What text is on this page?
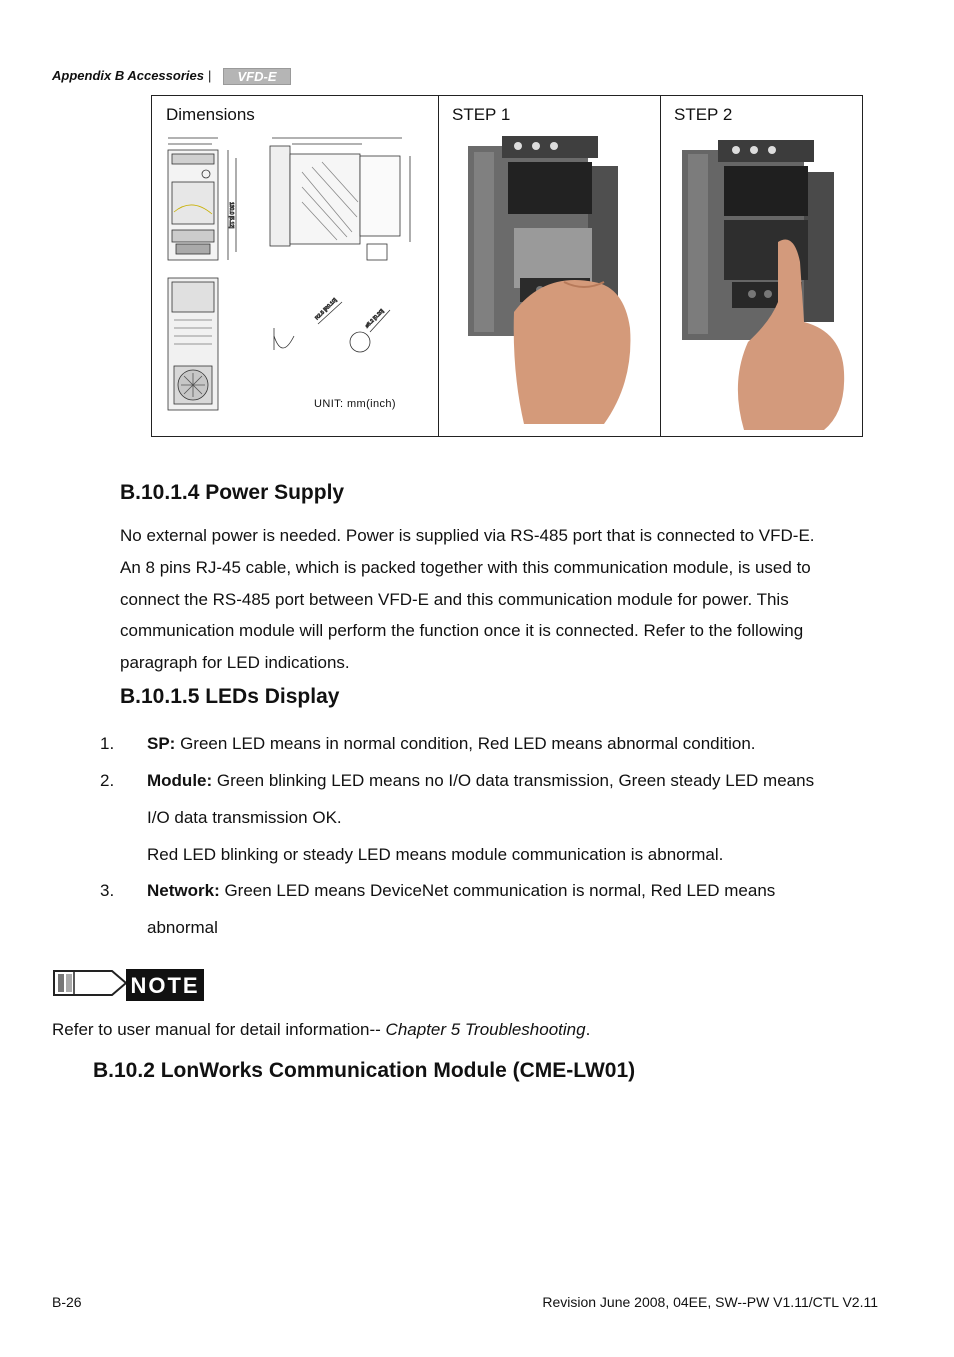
Appendix B Accessories | VFD-E
Dimensions
130.0 [5.12]
R2.5 [R0.10]	ø5.2 [0.20]
UNIT: mm(inch)
STEP 1	STEP 2
B.10.1.4 Power Supply
No external power is needed. Power is supplied via RS-485 port that is connected to VFD-E.
An 8 pins RJ-45 cable, which is packed together with this communication module, is used to
connect the RS-485 port between VFD-E and this communication module for power. This
communication module will perform the function once it is connected. Refer to the following
paragraph for LED indications.
B.10.1.5 LEDs Display
1. SP: Green LED means in normal condition, Red LED means abnormal condition.
2. Module: Green blinking LED means no I/O data transmission, Green steady LED means
I/O data transmission OK.
Red LED blinking or steady LED means module communication is abnormal.
3. Network: Green LED means DeviceNet communication is normal, Red LED means
abnormal
NOTE
Refer to user manual for detail information-- Chapter 5 Troubleshooting.
B.10.2 LonWorks Communication Module (CME-LW01)
B-26	Revision June 2008, 04EE, SW--PW V1.11/CTL V2.11
